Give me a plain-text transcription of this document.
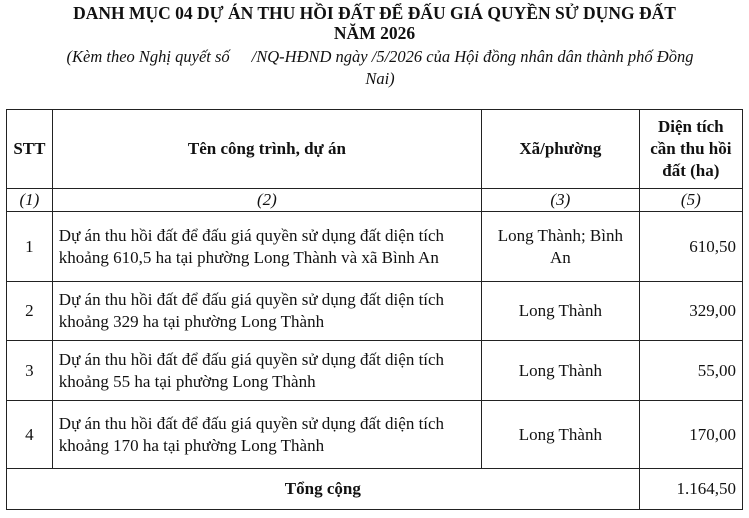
DANH MỤC 04 DỰ ÁN THU HỒI ĐẤT ĐỂ ĐẤU GIÁ QUYỀN SỬ DỤNG ĐẤT
NĂM 2026
(Kèm theo Nghị quyết số /NQ-HĐND ngày /5/2026 của Hội đồng nhân dân thành phố Đồng
Nai)
STT	Tên công trình, dự án	Xã/phường	Diện tích cần thu hồi đất (ha)
(1)	(2)	(3)	(5)
1	Dự án thu hồi đất để đấu giá quyền sử dụng đất diện tích khoảng 610,5 ha tại phường Long Thành và xã Bình An	Long Thành; Bình An	610,50
2	Dự án thu hồi đất để đấu giá quyền sử dụng đất diện tích khoảng 329 ha tại phường Long Thành	Long Thành	329,00
3	Dự án thu hồi đất để đấu giá quyền sử dụng đất diện tích khoảng 55 ha tại phường Long Thành	Long Thành	55,00
4	Dự án thu hồi đất để đấu giá quyền sử dụng đất diện tích khoảng 170 ha tại phường Long Thành	Long Thành	170,00
Tổng cộng			1.164,50
